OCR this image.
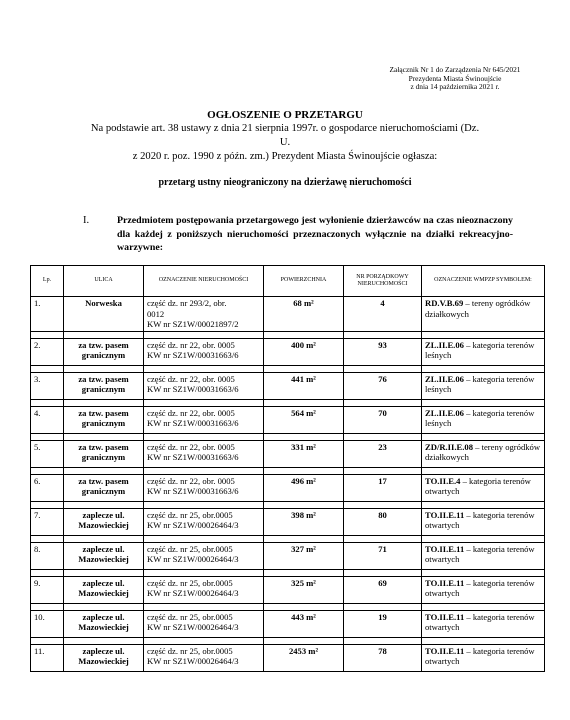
Załącznik Nr 1 do Zarządzenia Nr 645/2021
Prezydenta Miasta Świnoujście
z dnia 14 października 2021 r.
OGŁOSZENIE O PRZETARGU
Na podstawie art. 38 ustawy z dnia 21 sierpnia 1997r. o gospodarce nieruchomościami (Dz.
U.
z 2020 r. poz. 1990 z późn. zm.) Prezydent Miasta Świnoujście ogłasza:
przetarg ustny nieograniczony na dzierżawę nieruchomości
I.	Przedmiotem postępowania przetargowego jest wyłonienie dzierżawców na czas nieoznaczony dla każdej z poniższych nieruchomości przeznaczonych wyłącznie na działki rekreacyjno-warzywne:
Lp.	ULICA	OZNACZENIE NIERUCHOMOŚCI	POWIERZCHNIA	NR PORZĄDKOWY NIERUCHOMOŚCI	OZNACZENIE WMPZP SYMBOLEM:
1.	Norweska	część dz. nr 293/2, obr.
0012
KW nr SZ1W/00021897/2	68 m²	4	RD.V.B.69 – tereny ogródków działkowych

2.	za tzw. pasem granicznym	część dz. nr 22, obr. 0005
KW nr SZ1W/00031663/6	400 m²	93	ZL.II.E.06 – kategoria terenów leśnych

3.	za tzw. pasem granicznym	część dz. nr 22, obr. 0005
KW nr SZ1W/00031663/6	441 m²	76	ZL.II.E.06 – kategoria terenów leśnych

4.	za tzw. pasem granicznym	część dz. nr 22, obr. 0005
KW nr SZ1W/00031663/6	564 m²	70	ZL.II.E.06 – kategoria terenów leśnych

5.	za tzw. pasem granicznym	część dz. nr 22, obr. 0005
KW nr SZ1W/00031663/6	331 m²	23	ZD/R.II.E.08 – tereny ogródków działkowych

6.	za tzw. pasem granicznym	część dz. nr 22, obr. 0005
KW nr SZ1W/00031663/6	496 m²	17	TO.II.E.4 – kategoria terenów otwartych

7.	zaplecze ul. Mazowieckiej	część dz. nr 25, obr.0005
KW nr SZ1W/00026464/3	398 m²	80	TO.II.E.11 – kategoria terenów otwartych

8.	zaplecze ul. Mazowieckiej	część dz. nr 25, obr.0005
KW nr SZ1W/00026464/3	327 m²	71	TO.II.E.11 – kategoria terenów otwartych

9.	zaplecze ul. Mazowieckiej	część dz. nr 25, obr.0005
KW nr SZ1W/00026464/3	325 m²	69	TO.II.E.11 – kategoria terenów otwartych

10.	zaplecze ul. Mazowieckiej	część dz. nr 25, obr.0005
KW nr SZ1W/00026464/3	443 m²	19	TO.II.E.11 – kategoria terenów otwartych

11.	zaplecze ul. Mazowieckiej	część dz. nr 25, obr.0005
KW nr SZ1W/00026464/3	2453 m²	78	TO.II.E.11 – kategoria terenów otwartych
